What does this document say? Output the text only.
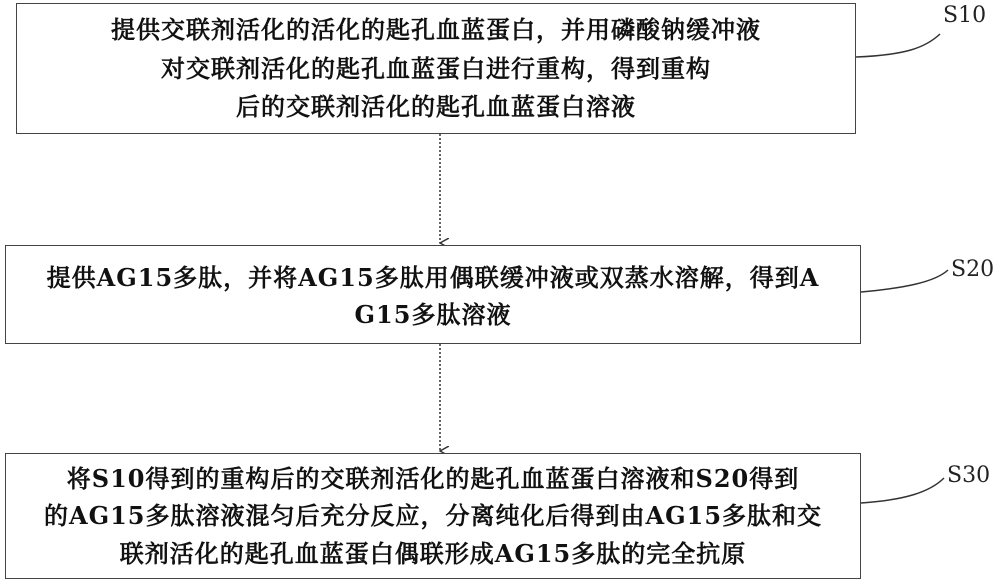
提供交联剂活化的活化的匙孔血蓝蛋白，并用磷酸钠缓冲液
对交联剂活化的匙孔血蓝蛋白进行重构，得到重构
后的交联剂活化的匙孔血蓝蛋白溶液
提供AG15多肽，并将AG15多肽用偶联缓冲液或双蒸水溶解，得到A
G15多肽溶液
将S10得到的重构后的交联剂活化的匙孔血蓝蛋白溶液和S20得到
的AG15多肽溶液混匀后充分反应，分离纯化后得到由AG15多肽和交
联剂活化的匙孔血蓝蛋白偶联形成AG15多肽的完全抗原
S10
S20
S30
